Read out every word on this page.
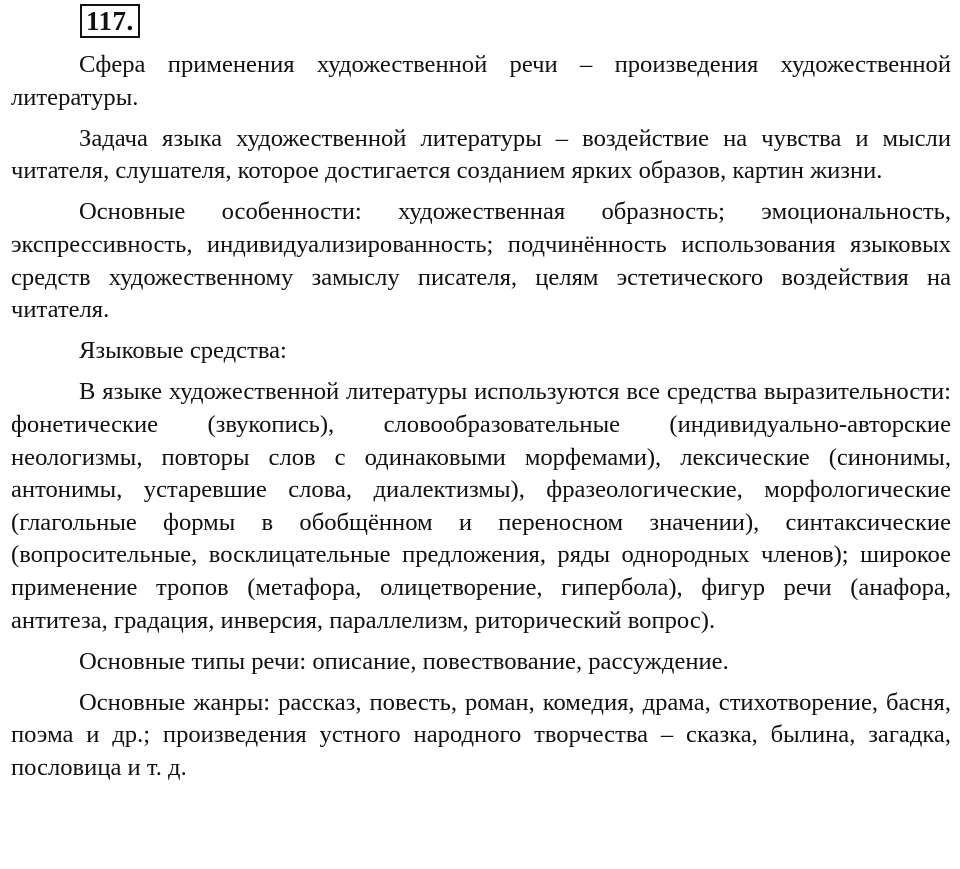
117.

Сфера применения художественной речи – произведения художественной литературы.

Задача языка художественной литературы – воздействие на чувства и мысли читателя, слушателя, которое достигается созданием ярких образов, картин жизни.

Основные особенности: художественная образность; эмоциональность, экспрессивность, индивидуализированность; подчинённость использования языковых средств художественному замыслу писателя, целям эстетического воздействия на читателя.

Языковые средства:

В языке художественной литературы используются все средства выразительности: фонетические (звукопись), словообразовательные (индивидуально-авторские неологизмы, повторы слов с одинаковыми морфемами), лексические (синонимы, антонимы, устаревшие слова, диалектизмы), фразеологические, морфологические (глагольные формы в обобщённом и переносном значении), синтаксические (вопросительные, восклицательные предложения, ряды однородных членов); широкое применение тропов (метафора, олицетворение, гипербола), фигур речи (анафора, антитеза, градация, инверсия, параллелизм, риторический вопрос).

Основные типы речи: описание, повествование, рассуждение.

Основные жанры: рассказ, повесть, роман, комедия, драма, стихотворение, басня, поэма и др.; произведения устного народного творчества – сказка, былина, загадка, пословица и т. д.
